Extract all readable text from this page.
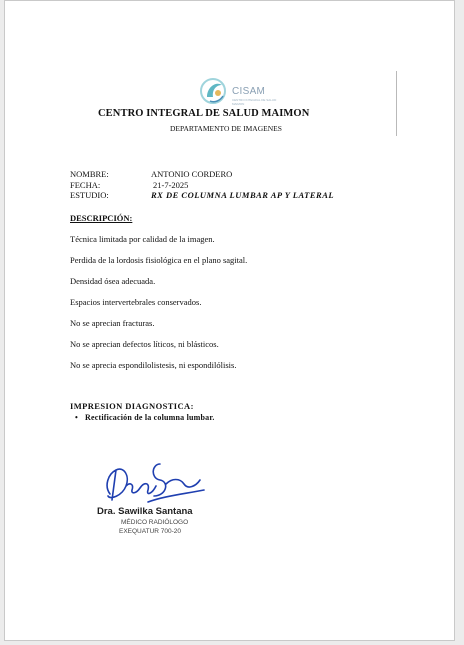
CISAM
CENTRO INTEGRAL DE SALUD MAIMON
CENTRO INTEGRAL DE SALUD MAIMON
DEPARTAMENTO DE IMAGENES
NOMBRE:	ANTONIO CORDERO
FECHA:	21-7-2025
ESTUDIO:	RX DE COLUMNA LUMBAR AP Y LATERAL
DESCRIPCIÓN:
Técnica limitada por calidad de la imagen.
Perdida de la lordosis fisiológica en el plano sagital.
Densidad ósea adecuada.
Espacios intervertebrales conservados.
No se aprecian fracturas.
No se aprecian defectos líticos, ni blásticos.
No se aprecia espondilolistesis, ni espondilólisis.
IMPRESION DIAGNOSTICA:
• Rectificación de la columna lumbar.
Dra. Sawilka Santana
MÉDICO RADIÓLOGO
EXEQUATUR 700-20
